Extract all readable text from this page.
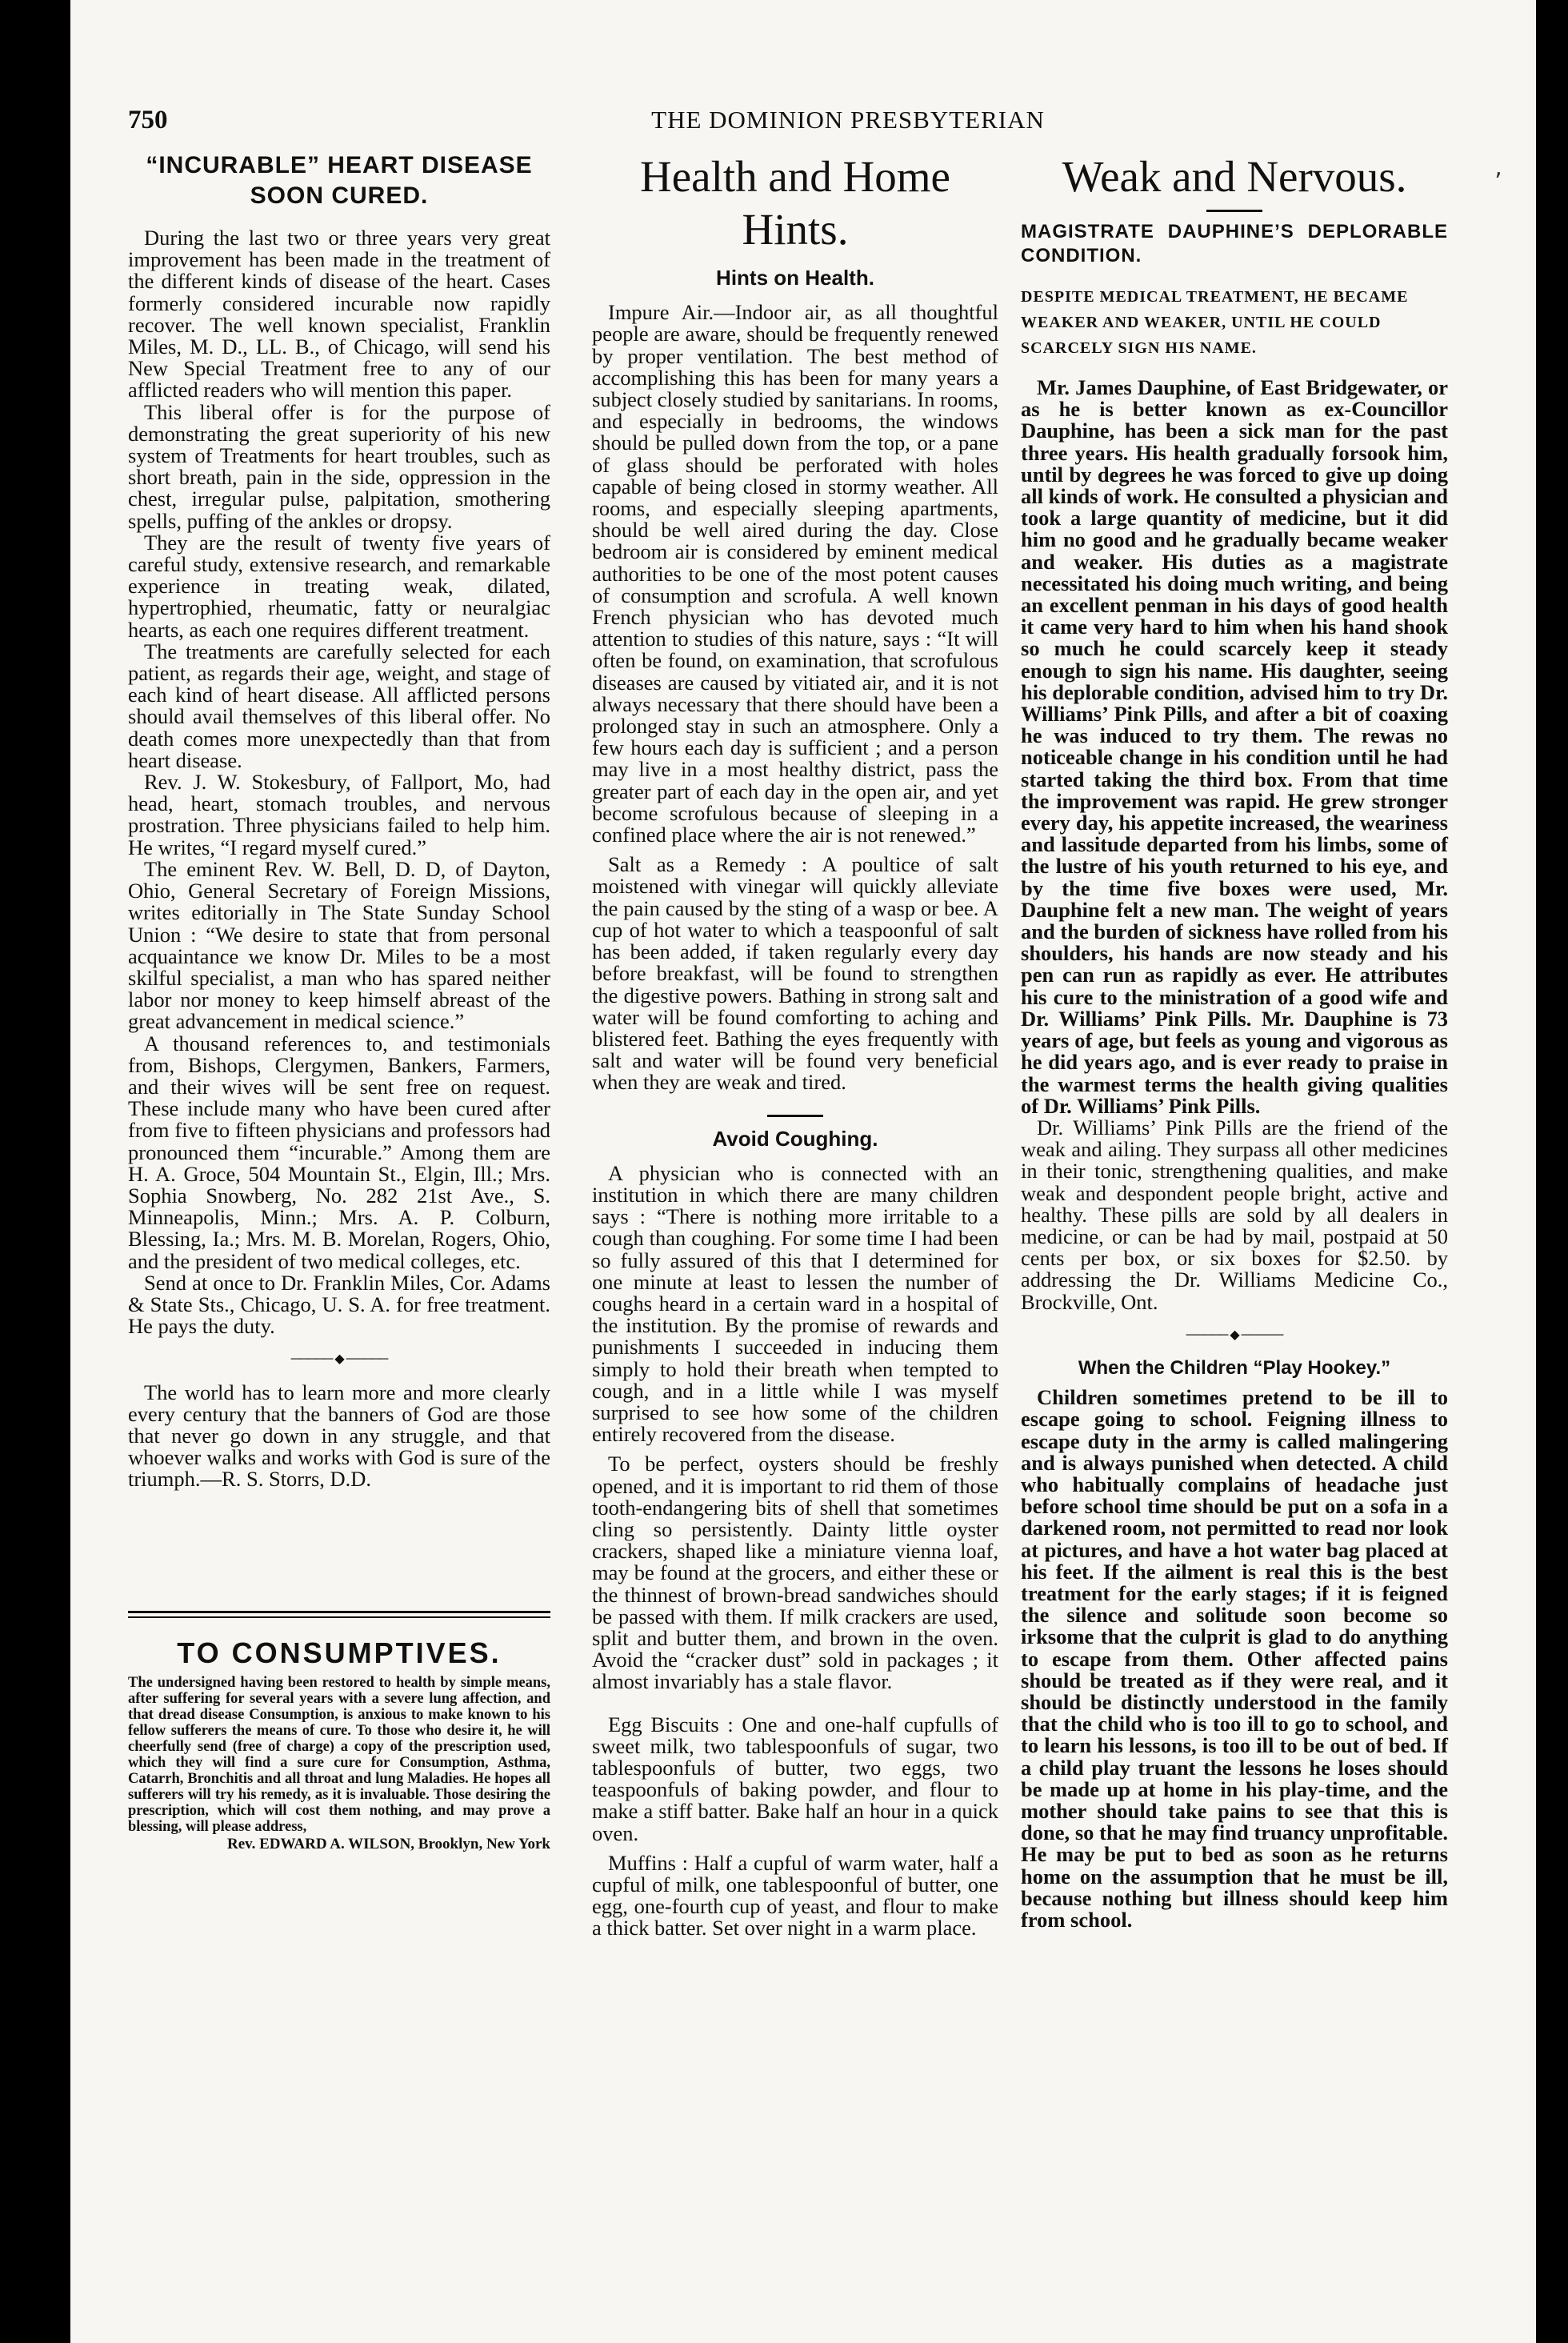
750	THE DOMINION PRESBYTERIAN
٬
“INCURABLE” HEART DISEASE SOON CURED.

During the last two or three years very great improvement has been made in the treatment of the different kinds of disease of the heart. Cases formerly considered incurable now rapidly recover. The well known specialist, Franklin Miles, M. D., LL. B., of Chicago, will send his New Special Treatment free to any of our afflicted readers who will mention this paper.

This liberal offer is for the purpose of demonstrating the great superiority of his new system of Treatments for heart troubles, such as short breath, pain in the side, oppression in the chest, irregular pulse, palpitation, smothering spells, puffing of the ankles or dropsy.

They are the result of twenty five years of careful study, extensive research, and remarkable experience in treating weak, dilated, hypertrophied, rheumatic, fatty or neuralgiac hearts, as each one requires different treatment.

The treatments are carefully selected for each patient, as regards their age, weight, and stage of each kind of heart disease. All afflicted persons should avail themselves of this liberal offer. No death comes more unexpectedly than that from heart disease.

Rev. J. W. Stokesbury, of Fallport, Mo, had head, heart, stomach troubles, and nervous prostration. Three physicians failed to help him. He writes, “I regard myself cured.”

The eminent Rev. W. Bell, D. D, of Dayton, Ohio, General Secretary of Foreign Missions, writes editorially in The State Sunday School Union : “We desire to state that from personal acquaintance we know Dr. Miles to be a most skilful specialist, a man who has spared neither labor nor money to keep himself abreast of the great advancement in medical science.”

A thousand references to, and testimonials from, Bishops, Clergymen, Bankers, Farmers, and their wives will be sent free on request. These include many who have been cured after from five to fifteen physicians and professors had pronounced them “incurable.” Among them are H. A. Groce, 504 Mountain St., Elgin, Ill.; Mrs. Sophia Snowberg, No. 282 21st Ave., S. Minneapolis, Minn.; Mrs. A. P. Colburn, Blessing, Ia.; Mrs. M. B. Morelan, Rogers, Ohio, and the president of two medical colleges, etc.

Send at once to Dr. Franklin Miles, Cor. Adams & State Sts., Chicago, U. S. A. for free treatment. He pays the duty.

───── ◆ ─────

The world has to learn more and more clearly every century that the banners of God are those that never go down in any struggle, and that whoever walks and works with God is sure of the triumph.—R. S. Storrs, D.D.

TO CONSUMPTIVES.
The undersigned having been restored to health by simple means, after suffering for several years with a severe lung affection, and that dread disease Consumption, is anxious to make known to his fellow sufferers the means of cure. To those who desire it, he will cheerfully send (free of charge) a copy of the prescription used, which they will find a sure cure for Consumption, Asthma, Catarrh, Bronchitis and all throat and lung Maladies. He hopes all sufferers will try his remedy, as it is invaluable. Those desiring the prescription, which will cost them nothing, and may prove a blessing, will please address,
Rev. EDWARD A. WILSON, Brooklyn, New York
Health and Home Hints.
Hints on Health.

Impure Air.—Indoor air, as all thoughtful people are aware, should be frequently renewed by proper ventilation. The best method of accomplishing this has been for many years a subject closely studied by sanitarians. In rooms, and especially in bedrooms, the windows should be pulled down from the top, or a pane of glass should be perforated with holes capable of being closed in stormy weather. All rooms, and especially sleeping apartments, should be well aired during the day. Close bedroom air is considered by eminent medical authorities to be one of the most potent causes of consumption and scrofula. A well known French physician who has devoted much attention to studies of this nature, says : “It will often be found, on examination, that scrofulous diseases are caused by vitiated air, and it is not always necessary that there should have been a prolonged stay in such an atmosphere. Only a few hours each day is sufficient ; and a person may live in a most healthy district, pass the greater part of each day in the open air, and yet become scrofulous because of sleeping in a confined place where the air is not renewed.”

Salt as a Remedy : A poultice of salt moistened with vinegar will quickly alleviate the pain caused by the sting of a wasp or bee. A cup of hot water to which a teaspoonful of salt has been added, if taken regularly every day before breakfast, will be found to strengthen the digestive powers. Bathing in strong salt and water will be found comforting to aching and blistered feet. Bathing the eyes frequently with salt and water will be found very beneficial when they are weak and tired.

Avoid Coughing.

A physician who is connected with an institution in which there are many children says : “There is nothing more irritable to a cough than coughing. For some time I had been so fully assured of this that I determined for one minute at least to lessen the number of coughs heard in a certain ward in a hospital of the institution. By the promise of rewards and punishments I succeeded in inducing them simply to hold their breath when tempted to cough, and in a little while I was myself surprised to see how some of the children entirely recovered from the disease.

To be perfect, oysters should be freshly opened, and it is important to rid them of those tooth-endangering bits of shell that sometimes cling so persistently. Dainty little oyster crackers, shaped like a miniature vienna loaf, may be found at the grocers, and either these or the thinnest of brown-bread sandwiches should be passed with them. If milk crackers are used, split and butter them, and brown in the oven. Avoid the “cracker dust” sold in packages ; it almost invariably has a stale flavor.

Egg Biscuits : One and one-half cupfulls of sweet milk, two tablespoonfuls of sugar, two tablespoonfuls of butter, two eggs, two teaspoonfuls of baking powder, and flour to make a stiff batter. Bake half an hour in a quick oven.

Muffins : Half a cupful of warm water, half a cupful of milk, one tablespoonful of butter, one egg, one-fourth cup of yeast, and flour to make a thick batter. Set over night in a warm place.

Weak and Nervous.
MAGISTRATE DAUPHINE’S DEPLORABLE CONDITION.
DESPITE MEDICAL TREATMENT, HE BECAME WEAKER AND WEAKER, UNTIL HE COULD SCARCELY SIGN HIS NAME.

Mr. James Dauphine, of East Bridgewater, or as he is better known as ex-Councillor Dauphine, has been a sick man for the past three years. His health gradually forsook him, until by degrees he was forced to give up doing all kinds of work. He consulted a physician and took a large quantity of medicine, but it did him no good and he gradually became weaker and weaker. His duties as a magistrate necessitated his doing much writing, and being an excellent penman in his days of good health it came very hard to him when his hand shook so much he could scarcely keep it steady enough to sign his name. His daughter, seeing his deplorable condition, advised him to try Dr. Williams’ Pink Pills, and after a bit of coaxing he was induced to try them. The rewas no noticeable change in his condition until he had started taking the third box. From that time the improvement was rapid. He grew stronger every day, his appetite increased, the weariness and lassitude departed from his limbs, some of the lustre of his youth returned to his eye, and by the time five boxes were used, Mr. Dauphine felt a new man. The weight of years and the burden of sickness have rolled from his shoulders, his hands are now steady and his pen can run as rapidly as ever. He attributes his cure to the ministration of a good wife and Dr. Williams’ Pink Pills. Mr. Dauphine is 73 years of age, but feels as young and vigorous as he did years ago, and is ever ready to praise in the warmest terms the health giving qualities of Dr. Williams’ Pink Pills.

Dr. Williams’ Pink Pills are the friend of the weak and ailing. They surpass all other medicines in their tonic, strengthening qualities, and make weak and despondent people bright, active and healthy. These pills are sold by all dealers in medicine, or can be had by mail, postpaid at 50 cents per box, or six boxes for $2.50. by addressing the Dr. Williams Medicine Co., Brockville, Ont.

───── ◆ ─────
When the Children “Play Hookey.”

Children sometimes pretend to be ill to escape going to school. Feigning illness to escape duty in the army is called malingering and is always punished when detected. A child who habitually complains of headache just before school time should be put on a sofa in a darkened room, not permitted to read nor look at pictures, and have a hot water bag placed at his feet. If the ailment is real this is the best treatment for the early stages; if it is feigned the silence and solitude soon become so irksome that the culprit is glad to do anything to escape from them. Other affected pains should be treated as if they were real, and it should be distinctly understood in the family that the child who is too ill to go to school, and to learn his lessons, is too ill to be out of bed. If a child play truant the lessons he loses should be made up at home in his play-time, and the mother should take pains to see that this is done, so that he may find truancy unprofitable. He may be put to bed as soon as he returns home on the assumption that he must be ill, because nothing but illness should keep him from school.
